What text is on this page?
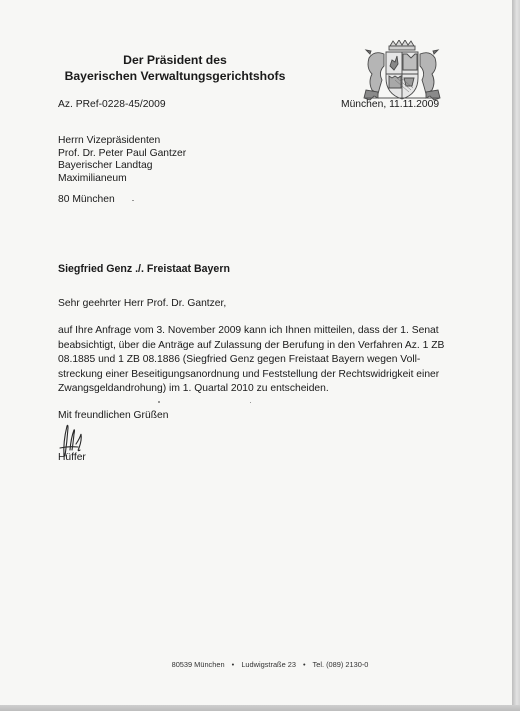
Der Präsident des
Bayerischen Verwaltungsgerichtshofs
Az. PRef-0228-45/2009	München, 11.11.2009
Herrn Vizepräsidenten
Prof. Dr. Peter Paul Gantzer
Bayerischer Landtag
Maximilianeum
80 München
Siegfried Genz ./. Freistaat Bayern
Sehr geehrter Herr Prof. Dr. Gantzer,
auf Ihre Anfrage vom 3. November 2009 kann ich Ihnen mitteilen, dass der 1. Senat
beabsichtigt, über die Anträge auf Zulassung der Berufung in den Verfahren Az. 1 ZB
08.1885 und 1 ZB 08.1886 (Siegfried Genz gegen Freistaat Bayern wegen Voll-
streckung einer Beseitigungsanordnung und Feststellung der Rechtswidrigkeit einer
Zwangsgeldandrohung) im 1. Quartal 2010 zu entscheiden.
Mit freundlichen Grüßen
Hüffer
80539 München • Ludwigstraße 23 • Tel. (089) 2130-0
